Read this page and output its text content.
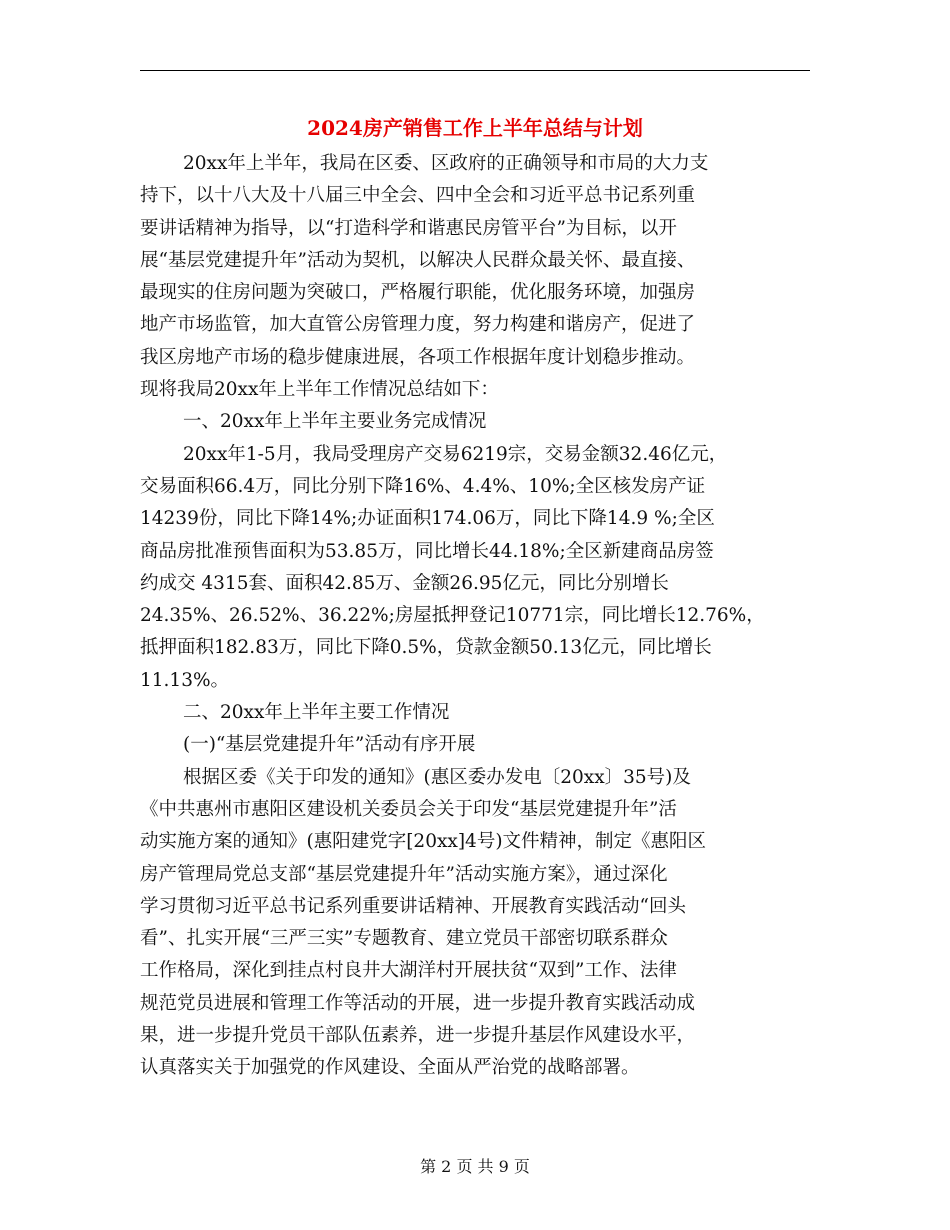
2024房产销售工作上半年总结与计划
20xx年上半年，我局在区委、区政府的正确领导和市局的大力支
持下，以十八大及十八届三中全会、四中全会和习近平总书记系列重
要讲话精神为指导，以“打造科学和谐惠民房管平台”为目标，以开
展“基层党建提升年”活动为契机，以解决人民群众最关怀、最直接、
最现实的住房问题为突破口，严格履行职能，优化服务环境，加强房
地产市场监管，加大直管公房管理力度，努力构建和谐房产，促进了
我区房地产市场的稳步健康进展，各项工作根据年度计划稳步推动。
现将我局20xx年上半年工作情况总结如下：
一、20xx年上半年主要业务完成情况
20xx年1-5月，我局受理房产交易6219宗，交易金额32.46亿元，
交易面积66.4万，同比分别下降16%、4.4%、10%;全区核发房产证
14239份，同比下降14%;办证面积174.06万，同比下降14.9 %;全区
商品房批准预售面积为53.85万，同比增长44.18%;全区新建商品房签
约成交 4315套、面积42.85万、金额26.95亿元，同比分别增长
24.35%、26.52%、36.22%;房屋抵押登记10771宗，同比增长12.76%，
抵押面积182.83万，同比下降0.5%，贷款金额50.13亿元，同比增长
11.13%。
二、20xx年上半年主要工作情况
(一)“基层党建提升年”活动有序开展
根据区委《关于印发的通知》(惠区委办发电〔20xx〕35号)及
《中共惠州市惠阳区建设机关委员会关于印发“基层党建提升年”活
动实施方案的通知》(惠阳建党字[20xx]4号)文件精神，制定《惠阳区
房产管理局党总支部“基层党建提升年”活动实施方案》，通过深化
学习贯彻习近平总书记系列重要讲话精神、开展教育实践活动“回头
看”、扎实开展“三严三实”专题教育、建立党员干部密切联系群众
工作格局，深化到挂点村良井大湖洋村开展扶贫“双到”工作、法律
规范党员进展和管理工作等活动的开展，进一步提升教育实践活动成
果，进一步提升党员干部队伍素养，进一步提升基层作风建设水平，
认真落实关于加强党的作风建设、全面从严治党的战略部署。
第 2 页 共 9 页
